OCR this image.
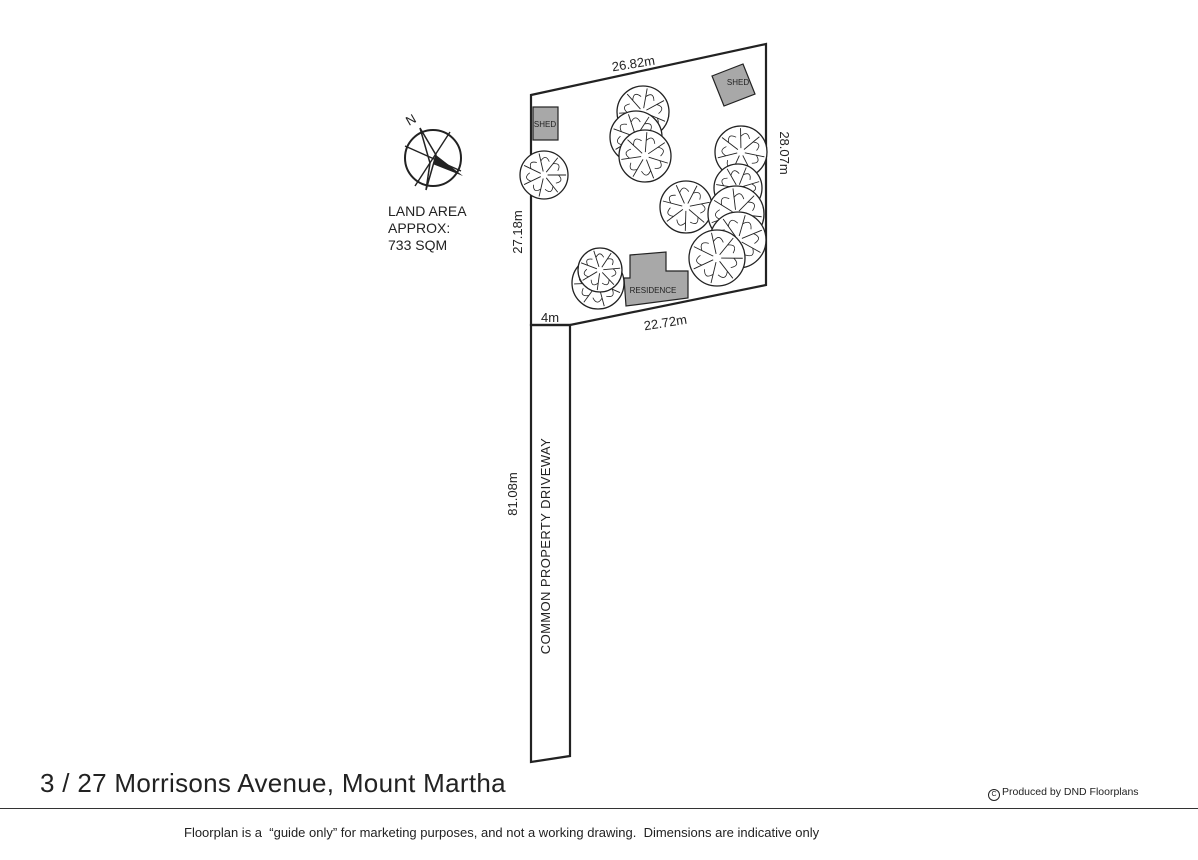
N	SHED
SHED
RESIDENCE
26.82m
28.07m
27.18m
22.72m
4m
81.08m COMMON PROPERTY DRIVEWAY
LAND AREA
APPROX:
733 SQM
3 / 27 Morrisons Avenue, Mount Martha	C Produced by DND Floorplans
Floorplan is a  “guide only” for marketing purposes, and not a working drawing.  Dimensions are indicative only
